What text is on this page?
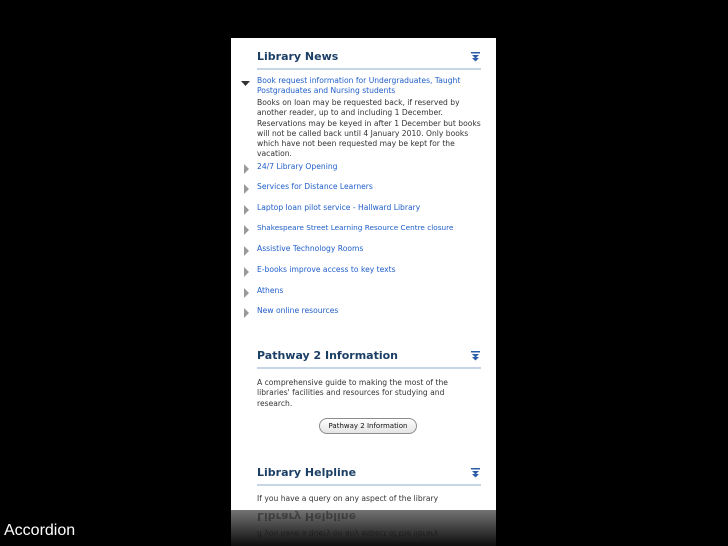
Library News
Book request information for Undergraduates, Taught Postgraduates and Nursing students
Books on loan may be requested back, if reserved by another reader, up to and including 1 December. Reservations may be keyed in after 1 December but books will not be called back until 4 January 2010. Only books which have not been requested may be kept for the vacation.
24/7 Library Opening
Services for Distance Learners
Laptop loan pilot service - Hallward Library
Shakespeare Street Learning Resource Centre closure
Assistive Technology Rooms
E-books improve access to key texts
Athens
New online resources
Pathway 2 Information
A comprehensive guide to making the most of the libraries' facilities and resources for studying and research.
Pathway 2 Information
Library Helpline
If you have a query on any aspect of the library
Accordion
